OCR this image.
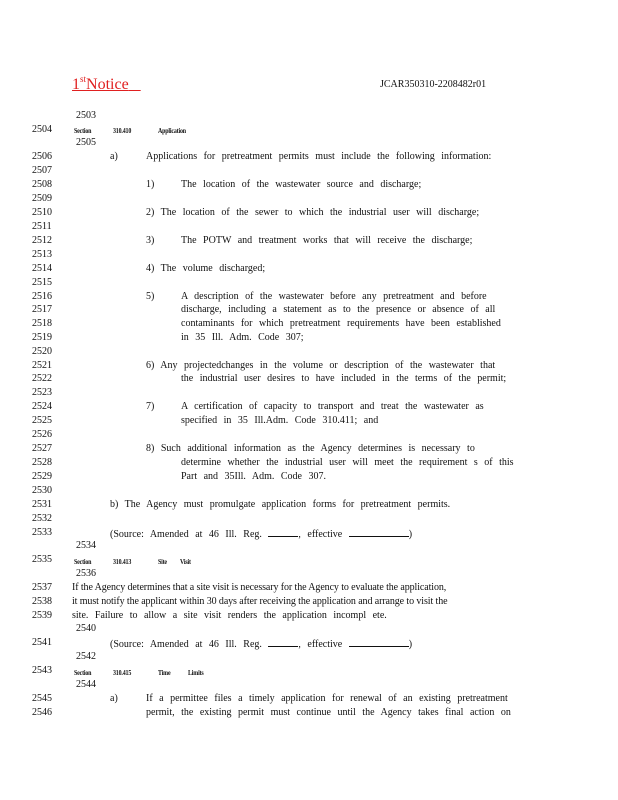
1stNotice	JCAR350310-2208482r01
2503
2504
2505
2506
2507
2508
2509
2510
2511
2512
2513
2514
2515
2516
2517
2518
2519
2520
2521
2522
2523
2524
2525
2526
2527
2528
2529
2530
2531
2532
2533
2534
2535
2536
2537
2538
2539
2540
2541
2542
2543
2544
2545
2546
Section	310.410	Application
a)	Applications for pretreatment permits must include the following information:
1)	The location of the wastewater source and discharge;
2) The location of the sewer to which the industrial user will discharge;
3)	The POTW and treatment works that will receive the discharge;
4) The volume discharged;
5)	A description of the wastewater before any pretreatment and before
discharge, including a statement as to the presence or absence of all
contaminants for which pretreatment requirements have been established
in 35 Ill. Adm. Code 307;
6) Any projectedchanges in the volume or description of the wastewater that
the industrial user desires to have included in the terms of the permit;
7)	A certification of capacity to transport and treat the wastewater as
specified in 35 Ill.Adm. Code 310.411; and
8) Such additional information as the Agency determines is necessary to
determine whether the industrial user will meet the requirement s of this
Part and 35Ill. Adm. Code 307.
b) The Agency must promulgate application forms for pretreatment permits.
(Source: Amended at 46 Ill. Reg.	, effective	)
Section	310.413	Site Visit
If the Agency determines that a site visit is necessary for the Agency to evaluate the application,
it must notify the applicant within 30 days after receiving the application and arrange to visit the
site. Failure to allow a site visit renders the application incompl ete.
(Source: Amended at 46 Ill. Reg.	, effective	)
Section	310.415	Time	Limits
a)	If a permittee files a timely application for renewal of an existing pretreatment
permit, the existing permit must continue until the Agency takes final action on
